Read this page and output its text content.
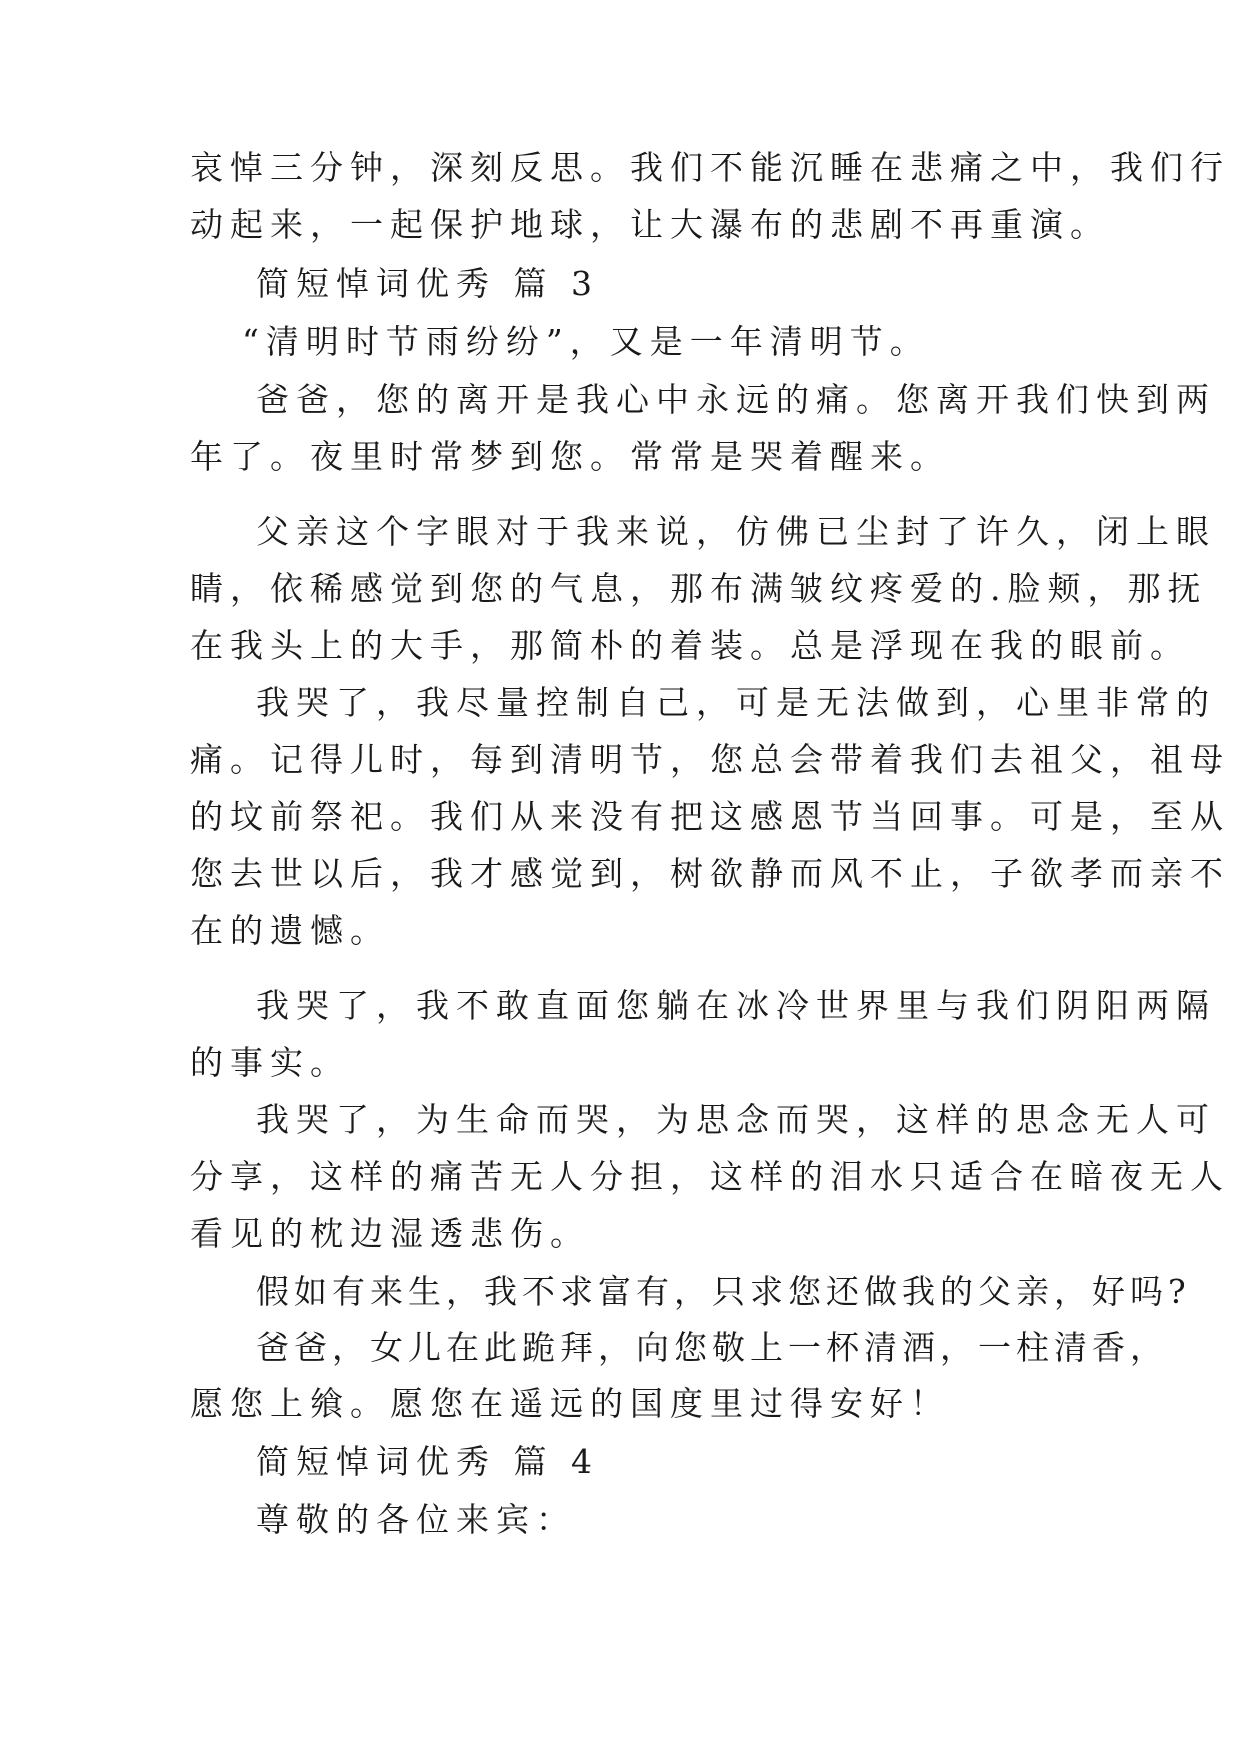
哀悼三分钟，深刻反思。我们不能沉睡在悲痛之中，我们行

动起来，一起保护地球，让大瀑布的悲剧不再重演。

简短悼词优秀 篇 3

“清明时节雨纷纷”，又是一年清明节。

爸爸，您的离开是我心中永远的痛。您离开我们快到两

年了。夜里时常梦到您。常常是哭着醒来。

父亲这个字眼对于我来说，仿佛已尘封了许久，闭上眼

睛，依稀感觉到您的气息，那布满皱纹疼爱的.脸颊，那抚

在我头上的大手，那简朴的着装。总是浮现在我的眼前。

我哭了，我尽量控制自己，可是无法做到，心里非常的

痛。记得儿时，每到清明节，您总会带着我们去祖父，祖母

的坟前祭祀。我们从来没有把这感恩节当回事。可是，至从

您去世以后，我才感觉到，树欲静而风不止，子欲孝而亲不

在的遗憾。

我哭了，我不敢直面您躺在冰冷世界里与我们阴阳两隔

的事实。

我哭了，为生命而哭，为思念而哭，这样的思念无人可

分享，这样的痛苦无人分担，这样的泪水只适合在暗夜无人

看见的枕边湿透悲伤。

假如有来生，我不求富有，只求您还做我的父亲，好吗?

爸爸，女儿在此跪拜，向您敬上一杯清酒，一柱清香，

愿您上飨。愿您在遥远的国度里过得安好！

简短悼词优秀 篇 4

尊敬的各位来宾：
